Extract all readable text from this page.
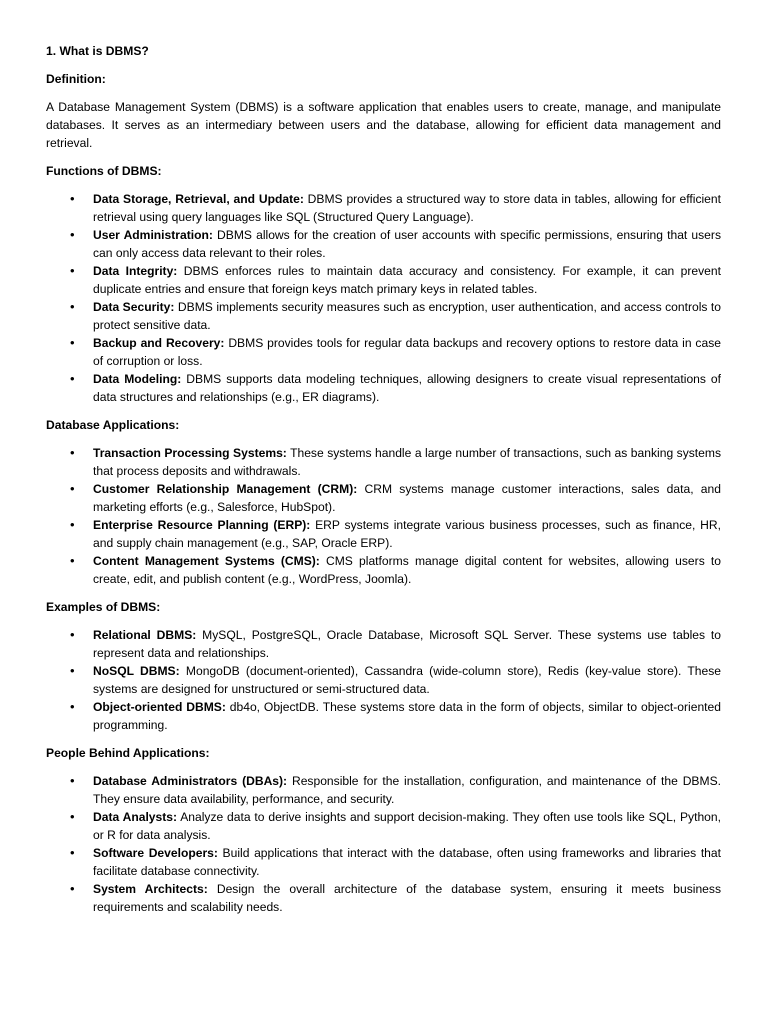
1. What is DBMS?
Definition:
A Database Management System (DBMS) is a software application that enables users to create, manage, and manipulate databases. It serves as an intermediary between users and the database, allowing for efficient data management and retrieval.
Functions of DBMS:
• Data Storage, Retrieval, and Update: DBMS provides a structured way to store data in tables, allowing for efficient retrieval using query languages like SQL (Structured Query Language).
• User Administration: DBMS allows for the creation of user accounts with specific permissions, ensuring that users can only access data relevant to their roles.
• Data Integrity: DBMS enforces rules to maintain data accuracy and consistency. For example, it can prevent duplicate entries and ensure that foreign keys match primary keys in related tables.
• Data Security: DBMS implements security measures such as encryption, user authentication, and access controls to protect sensitive data.
• Backup and Recovery: DBMS provides tools for regular data backups and recovery options to restore data in case of corruption or loss.
• Data Modeling: DBMS supports data modeling techniques, allowing designers to create visual representations of data structures and relationships (e.g., ER diagrams).
Database Applications:
• Transaction Processing Systems: These systems handle a large number of transactions, such as banking systems that process deposits and withdrawals.
• Customer Relationship Management (CRM): CRM systems manage customer interactions, sales data, and marketing efforts (e.g., Salesforce, HubSpot).
• Enterprise Resource Planning (ERP): ERP systems integrate various business processes, such as finance, HR, and supply chain management (e.g., SAP, Oracle ERP).
• Content Management Systems (CMS): CMS platforms manage digital content for websites, allowing users to create, edit, and publish content (e.g., WordPress, Joomla).
Examples of DBMS:
• Relational DBMS: MySQL, PostgreSQL, Oracle Database, Microsoft SQL Server. These systems use tables to represent data and relationships.
• NoSQL DBMS: MongoDB (document-oriented), Cassandra (wide-column store), Redis (key-value store). These systems are designed for unstructured or semi-structured data.
• Object-oriented DBMS: db4o, ObjectDB. These systems store data in the form of objects, similar to object-oriented programming.
People Behind Applications:
• Database Administrators (DBAs): Responsible for the installation, configuration, and maintenance of the DBMS. They ensure data availability, performance, and security.
• Data Analysts: Analyze data to derive insights and support decision-making. They often use tools like SQL, Python, or R for data analysis.
• Software Developers: Build applications that interact with the database, often using frameworks and libraries that facilitate database connectivity.
• System Architects: Design the overall architecture of the database system, ensuring it meets business requirements and scalability needs.
